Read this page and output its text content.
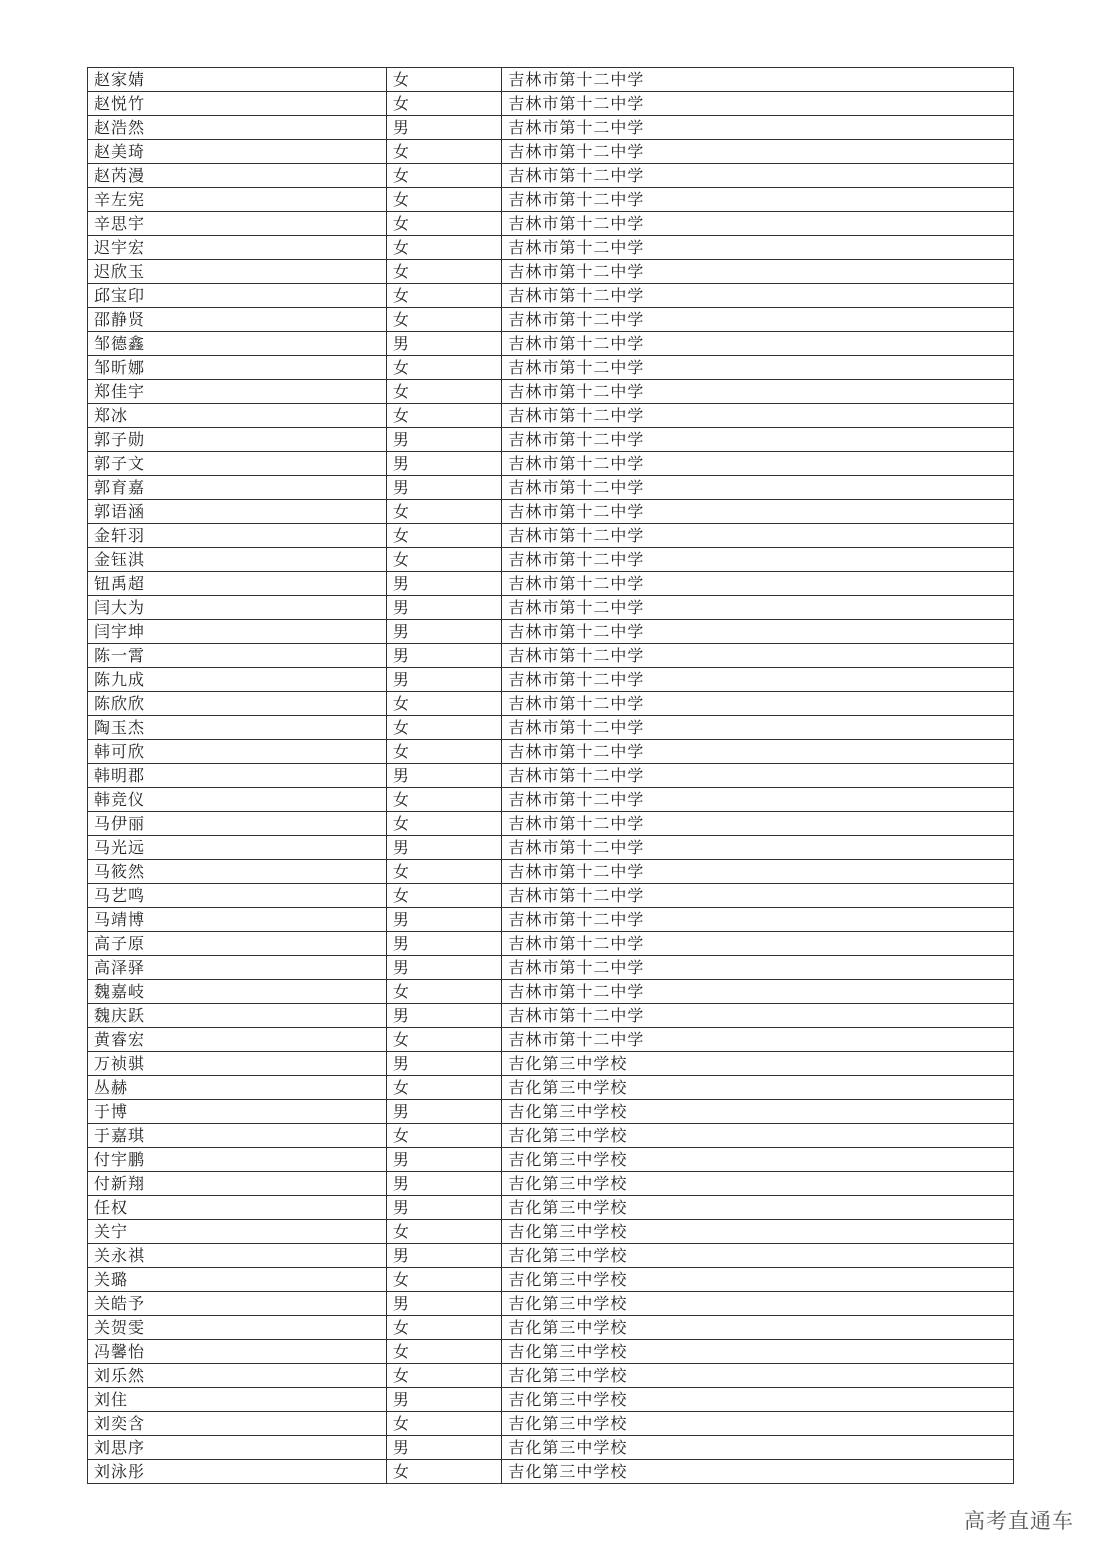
赵家婧	女	吉林市第十二中学
赵悦竹	女	吉林市第十二中学
赵浩然	男	吉林市第十二中学
赵美琦	女	吉林市第十二中学
赵芮漫	女	吉林市第十二中学
辛左宪	女	吉林市第十二中学
辛思宇	女	吉林市第十二中学
迟宇宏	女	吉林市第十二中学
迟欣玉	女	吉林市第十二中学
邱宝印	女	吉林市第十二中学
邵静贤	女	吉林市第十二中学
邹德鑫	男	吉林市第十二中学
邹昕娜	女	吉林市第十二中学
郑佳宇	女	吉林市第十二中学
郑冰	女	吉林市第十二中学
郭子勋	男	吉林市第十二中学
郭子文	男	吉林市第十二中学
郭育嘉	男	吉林市第十二中学
郭语涵	女	吉林市第十二中学
金轩羽	女	吉林市第十二中学
金钰淇	女	吉林市第十二中学
钮禹超	男	吉林市第十二中学
闫大为	男	吉林市第十二中学
闫宇坤	男	吉林市第十二中学
陈一霄	男	吉林市第十二中学
陈九成	男	吉林市第十二中学
陈欣欣	女	吉林市第十二中学
陶玉杰	女	吉林市第十二中学
韩可欣	女	吉林市第十二中学
韩明郡	男	吉林市第十二中学
韩竞仪	女	吉林市第十二中学
马伊丽	女	吉林市第十二中学
马光远	男	吉林市第十二中学
马筱然	女	吉林市第十二中学
马艺鸣	女	吉林市第十二中学
马靖博	男	吉林市第十二中学
高子原	男	吉林市第十二中学
高泽驿	男	吉林市第十二中学
魏嘉岐	女	吉林市第十二中学
魏庆跃	男	吉林市第十二中学
黄睿宏	女	吉林市第十二中学
万祯骐	男	吉化第三中学校
丛赫	女	吉化第三中学校
于博	男	吉化第三中学校
于嘉琪	女	吉化第三中学校
付宇鹏	男	吉化第三中学校
付新翔	男	吉化第三中学校
任权	男	吉化第三中学校
关宁	女	吉化第三中学校
关永祺	男	吉化第三中学校
关璐	女	吉化第三中学校
关皓予	男	吉化第三中学校
关贺雯	女	吉化第三中学校
冯馨怡	女	吉化第三中学校
刘乐然	女	吉化第三中学校
刘住	男	吉化第三中学校
刘奕含	女	吉化第三中学校
刘思序	男	吉化第三中学校
刘泳彤	女	吉化第三中学校
高考直通车
